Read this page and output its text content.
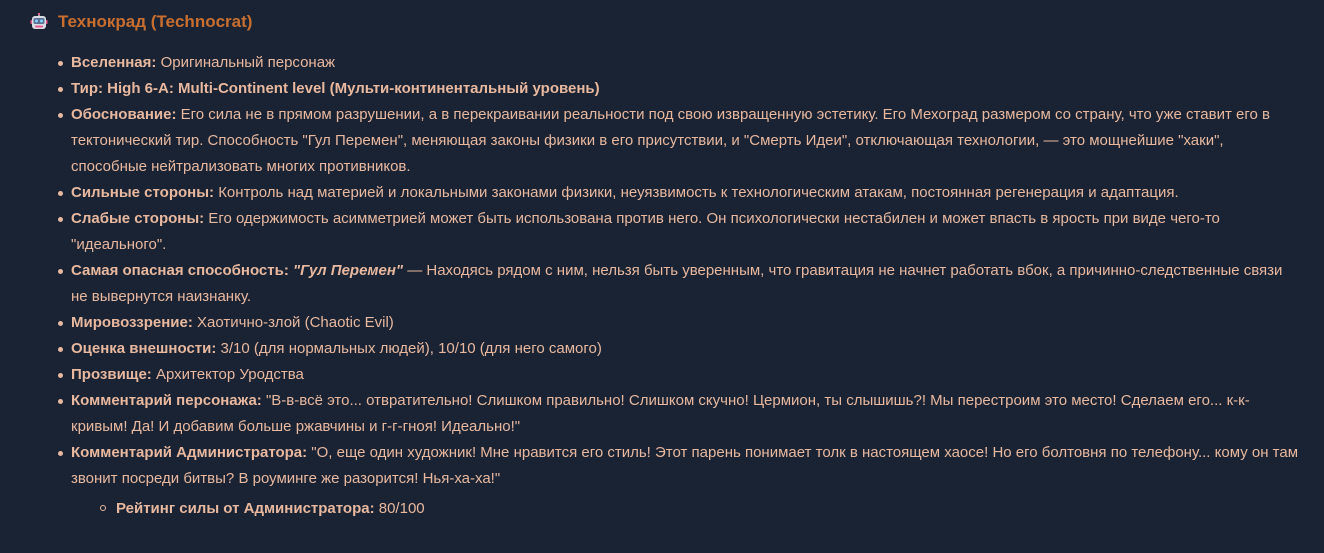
Технокрад (Technocrat)
Вселенная: Оригинальный персонаж
Тир: High 6-A: Multi-Continent level (Мульти-континентальный уровень)
Обоснование: Его сила не в прямом разрушении, а в перекраивании реальности под свою извращенную эстетику. Его Мехоград размером со страну, что уже ставит его в тектонический тир. Способность "Гул Перемен", меняющая законы физики в его присутствии, и "Смерть Идеи", отключающая технологии, — это мощнейшие "хаки", способные нейтрализовать многих противников.
Сильные стороны: Контроль над материей и локальными законами физики, неуязвимость к технологическим атакам, постоянная регенерация и адаптация.
Слабые стороны: Его одержимость асимметрией может быть использована против него. Он психологически нестабилен и может впасть в ярость при виде чего-то "идеального".
Самая опасная способность: "Гул Перемен" — Находясь рядом с ним, нельзя быть уверенным, что гравитация не начнет работать вбок, а причинно-следственные связи не вывернутся наизнанку.
Мировоззрение: Хаотично-злой (Chaotic Evil)
Оценка внешности: 3/10 (для нормальных людей), 10/10 (для него самого)
Прозвище: Архитектор Уродства
Комментарий персонажа: "В-в-всё это... отвратительно! Слишком правильно! Слишком скучно! Цермион, ты слышишь?! Мы перестроим это место! Сделаем его... к-к-кривым! Да! И добавим больше ржавчины и г-г-гноя! Идеально!"
Комментарий Администратора: "О, еще один художник! Мне нравится его стиль! Этот парень понимает толк в настоящем хаосе! Но его болтовня по телефону... кому он там звонит посреди битвы? В роуминге же разорится! Нья-ха-ха!"
Рейтинг силы от Администратора: 80/100
